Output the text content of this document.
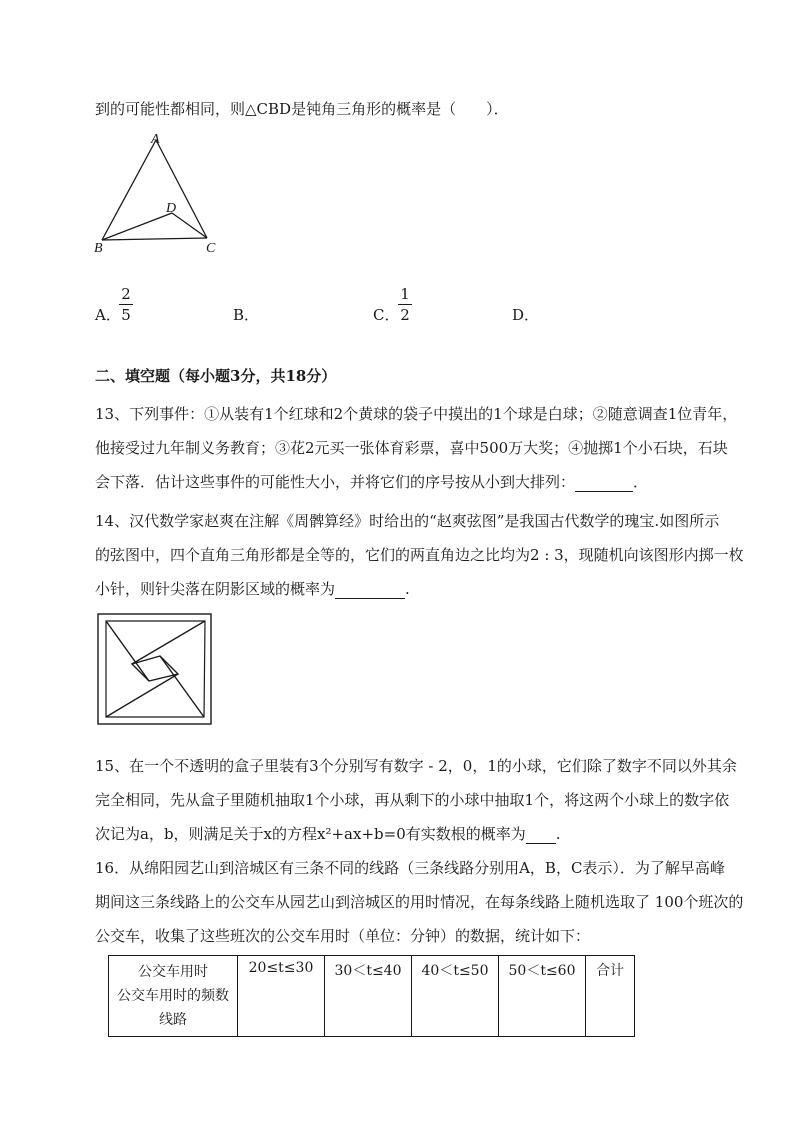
到的可能性都相同，则△CBD是钝角三角形的概率是（　　）．
A
D
B	C
A．
2
5	B．	C．
1
2	D．
二、填空题（每小题3分，共18分）
13、下列事件：①从装有1个红球和2个黄球的袋子中摸出的1个球是白球；②随意调查1位青年，
他接受过九年制义务教育；③花2元买一张体育彩票，喜中500万大奖；④抛掷1个小石块，石块
会下落．估计这些事件的可能性大小，并将它们的序号按从小到大排列：	．
14、汉代数学家赵爽在注解《周髀算经》时给出的“赵爽弦图”是我国古代数学的瑰宝.如图所示
的弦图中，四个直角三角形都是全等的，它们的两直角边之比均为2 : 3，现随机向该图形内掷一枚
小针，则针尖落在阴影区域的概率为	.
15、在一个不透明的盒子里装有3个分别写有数字 - 2，0，1的小球，它们除了数字不同以外其余
完全相同，先从盒子里随机抽取1个小球，再从剩下的小球中抽取1个，将这两个小球上的数字依
次记为a，b，则满足关于x的方程x²+ax+b=0有实数根的概率为 .
16．从绵阳园艺山到涪城区有三条不同的线路（三条线路分别用A，B，C表示）．为了解早高峰
期间这三条线路上的公交车从园艺山到涪城区的用时情况，在每条线路上随机选取了 100个班次的
公交车，收集了这些班次的公交车用时（单位：分钟）的数据，统计如下：
公交车用时
公交车用时的频数
线路
	20≤t≤30	30＜t≤40	40＜t≤50	50＜t≤60	合计
